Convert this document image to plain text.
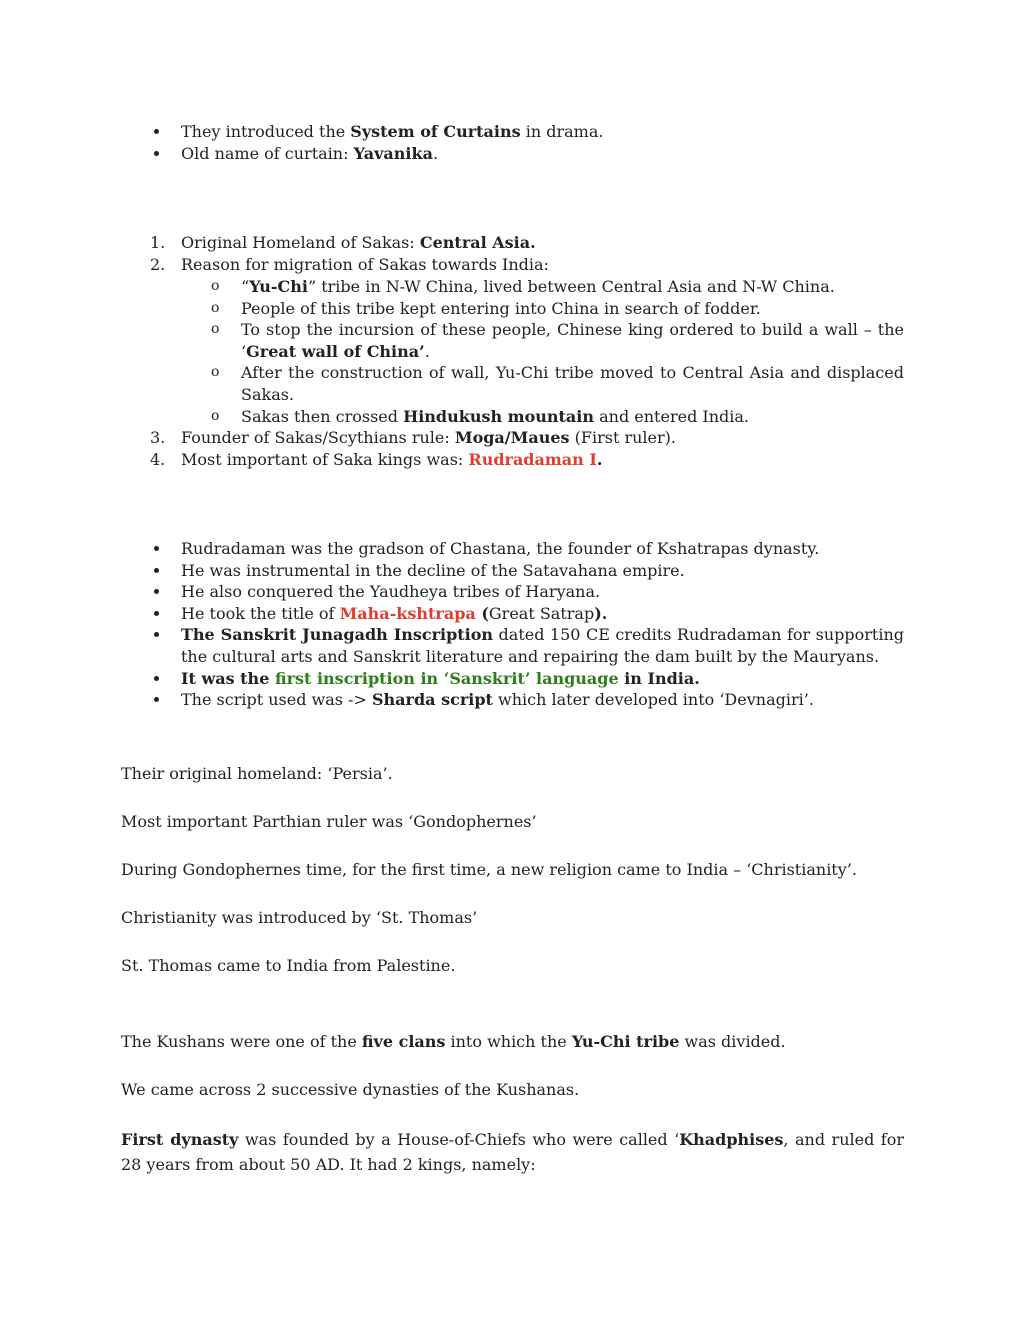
They introduced the System of Curtains in drama.
Old name of curtain: Yavanika.
1. Original Homeland of Sakas: Central Asia.
2. Reason for migration of Sakas towards India:
o “Yu-Chi” tribe in N-W China, lived between Central Asia and N-W China.
o People of this tribe kept entering into China in search of fodder.
o To stop the incursion of these people, Chinese king ordered to build a wall – the ‘Great wall of China’.
o After the construction of wall, Yu-Chi tribe moved to Central Asia and displaced Sakas.
o Sakas then crossed Hindukush mountain and entered India.
3. Founder of Sakas/Scythians rule: Moga/Maues (First ruler).
4. Most important of Saka kings was: Rudradaman I.
Rudradaman was the gradson of Chastana, the founder of Kshatrapas dynasty.
He was instrumental in the decline of the Satavahana empire.
He also conquered the Yaudheya tribes of Haryana.
He took the title of Maha-kshtrapa (Great Satrap).
The Sanskrit Junagadh Inscription dated 150 CE credits Rudradaman for supporting the cultural arts and Sanskrit literature and repairing the dam built by the Mauryans.
It was the first inscription in ‘Sanskrit’ language in India.
The script used was -> Sharda script which later developed into ‘Devnagiri’.

Their original homeland: ‘Persia’.

Most important Parthian ruler was ‘Gondophernes’

During Gondophernes time, for the first time, a new religion came to India – ‘Christianity’.

Christianity was introduced by ‘St. Thomas’

St. Thomas came to India from Palestine.

The Kushans were one of the five clans into which the Yu-Chi tribe was divided.

We came across 2 successive dynasties of the Kushanas.

First dynasty was founded by a House-of-Chiefs who were called ‘Khadphises, and ruled for 28 years from about 50 AD. It had 2 kings, namely:
